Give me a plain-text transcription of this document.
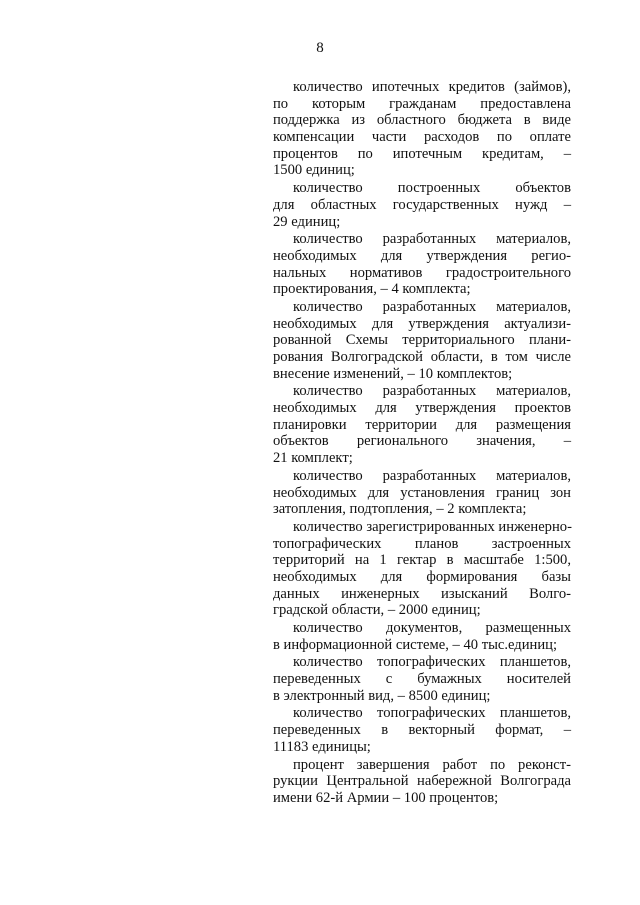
8
количество ипотечных кредитов (займов),
по которым гражданам предоставлена
поддержка из областного бюджета в виде
компенсации части расходов по оплате
процентов по ипотечным кредитам, –
1500 единиц;
количество построенных объектов
для областных государственных нужд –
29 единиц;
количество разработанных материалов,
необходимых для утверждения регио-
нальных нормативов градостроительного
проектирования, – 4 комплекта;
количество разработанных материалов,
необходимых для утверждения актуализи-
рованной Схемы территориального плани-
рования Волгоградской области, в том числе
внесение изменений, – 10 комплектов;
количество разработанных материалов,
необходимых для утверждения проектов
планировки территории для размещения
объектов регионального значения, –
21 комплект;
количество разработанных материалов,
необходимых для установления границ зон
затопления, подтопления, – 2 комплекта;
количество зарегистрированных инженерно-
топографических планов застроенных
территорий на 1 гектар в масштабе 1:500,
необходимых для формирования базы
данных инженерных изысканий Волго-
градской области, – 2000 единиц;
количество документов, размещенных
в информационной системе, – 40 тыс.единиц;
количество топографических планшетов,
переведенных с бумажных носителей
в электронный вид, – 8500 единиц;
количество топографических планшетов,
переведенных в векторный формат, –
11183 единицы;
процент завершения работ по реконст-
рукции Центральной набережной Волгограда
имени 62-й Армии – 100 процентов;
